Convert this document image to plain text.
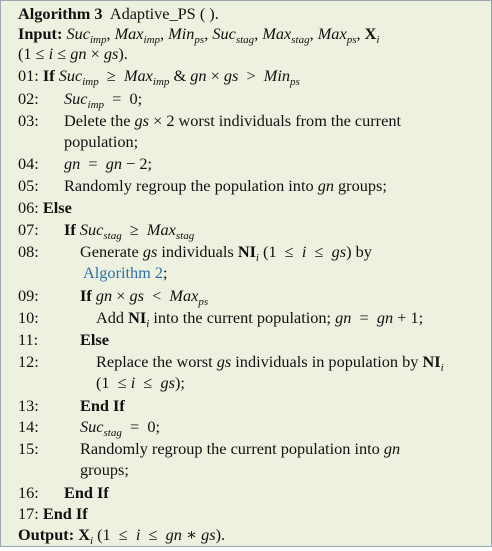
Algorithm 3 Adaptive_PS ( ).
Input: Suc$_{imp}$, Max$_{imp}$, Min$_{ps}$, Suc$_{stag}$, Max$_{stag}$, Max$_{ps}$, $X_i$
(1 ≤ i ≤ gn × gs).
01: If Suc$_{imp}$  ≥  Max$_{imp}$ & gn × gs  >  Min$_{ps}$
02: Suc$_{imp}$  =  0;
03: Delete the gs × 2 worst individuals from the current
population;
04: gn  =  gn − 2;
05: Randomly regroup the population into gn groups;
06: Else
07: If Suc$_{stag}$  ≥  Max$_{stag}$
08:	Generate gs individuals $NI_i$ (1  ≤  i  ≤  gs) by
Algorithm 2;
09:	If gn × gs  <  Max$_{ps}$
10:	Add $NI_i$ into the current population; gn  =  gn + 1;
11:	Else
12:	Replace the worst gs individuals in population by $NI_i$
(1  ≤ i  ≤  gs);
13:	End If
14:	Suc$_{stag}$  =  0;
15:	Randomly regroup the current population into gn
groups;
16: End If
17: End If
Output: $X_i$ (1  ≤  i  ≤  gn ∗ gs).
